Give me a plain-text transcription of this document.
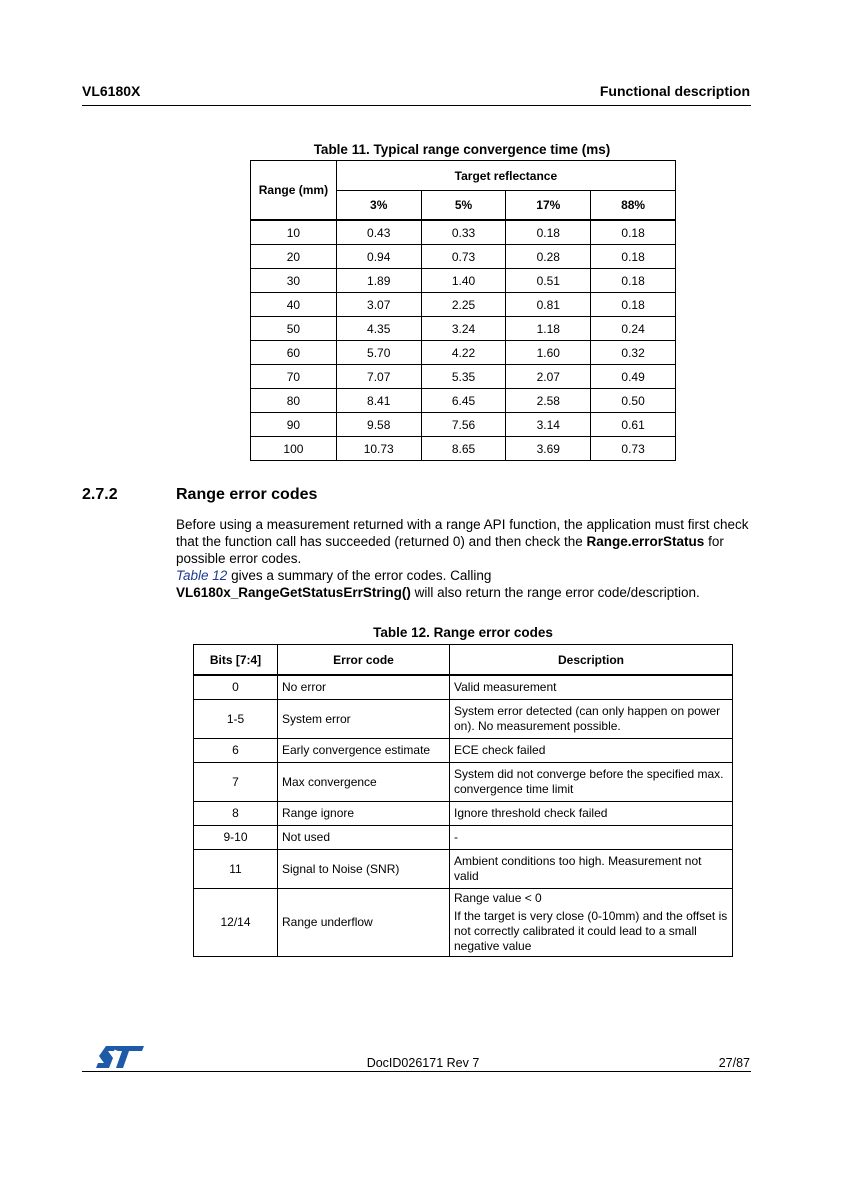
VL6180X	Functional description
Table 11. Typical range convergence time (ms)
Range (mm)	Target reflectance			
	3%	5%	17%	88%
10	0.43	0.33	0.18	0.18
20	0.94	0.73	0.28	0.18
30	1.89	1.40	0.51	0.18
40	3.07	2.25	0.81	0.18
50	4.35	3.24	1.18	0.24
60	5.70	4.22	1.60	0.32
70	7.07	5.35	2.07	0.49
80	8.41	6.45	2.58	0.50
90	9.58	7.56	3.14	0.61
100	10.73	8.65	3.69	0.73
2.7.2	Range error codes
Before using a measurement returned with a range API function, the application must first check that the function call has succeeded (returned 0) and then check the Range.errorStatus for possible error codes.
Table 12 gives a summary of the error codes. Calling
VL6180x_RangeGetStatusErrString() will also return the range error code/description.
Table 12. Range error codes
Bits [7:4]	Error code	Description
0	No error	Valid measurement

1-5	System error	System error detected (can only happen on power on). No measurement possible.

6	Early convergence estimate	ECE check failed

7	Max convergence	System did not converge before the specified max. convergence time limit

8	Range ignore	Ignore threshold check failed

9-10	Not used	-

11	Signal to Noise (SNR)	Ambient conditions too high. Measurement not valid

12/14	Range underflow	Range value < 0
If the target is very close (0-10mm) and the offset is not correctly calibrated it could lead to a small negative value
DocID026171 Rev 7	27/87
